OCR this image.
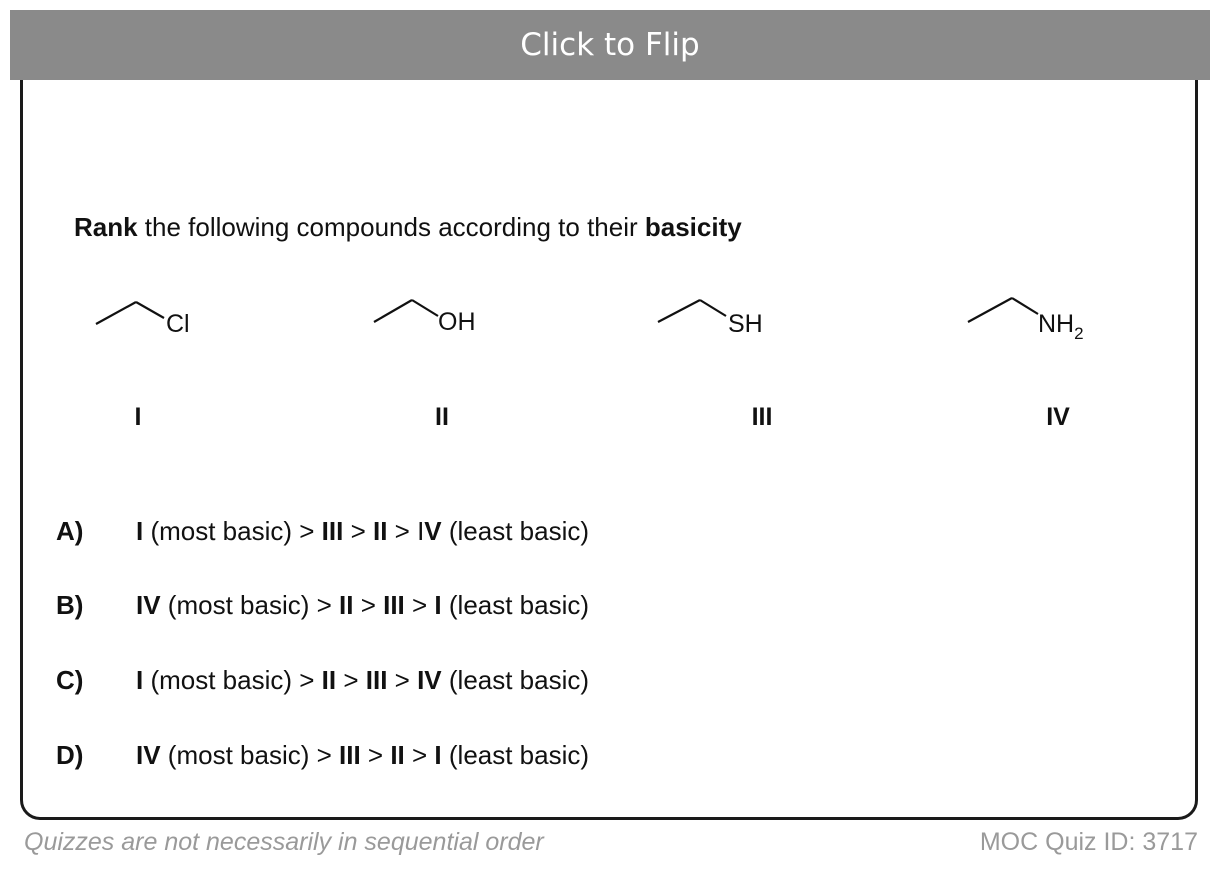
Click to Flip
Rank the following compounds according to their basicity
Cl	OH	SH	$NH_2$
I	II	III	IV
A) I (most basic) > III > II > IV (least basic)
B) IV (most basic) > II > III > I (least basic)
C) I (most basic) > II > III > IV (least basic)
D) IV (most basic) > III > II > I (least basic)
Quizzes are not necessarily in sequential order	MOC Quiz ID: 3717
